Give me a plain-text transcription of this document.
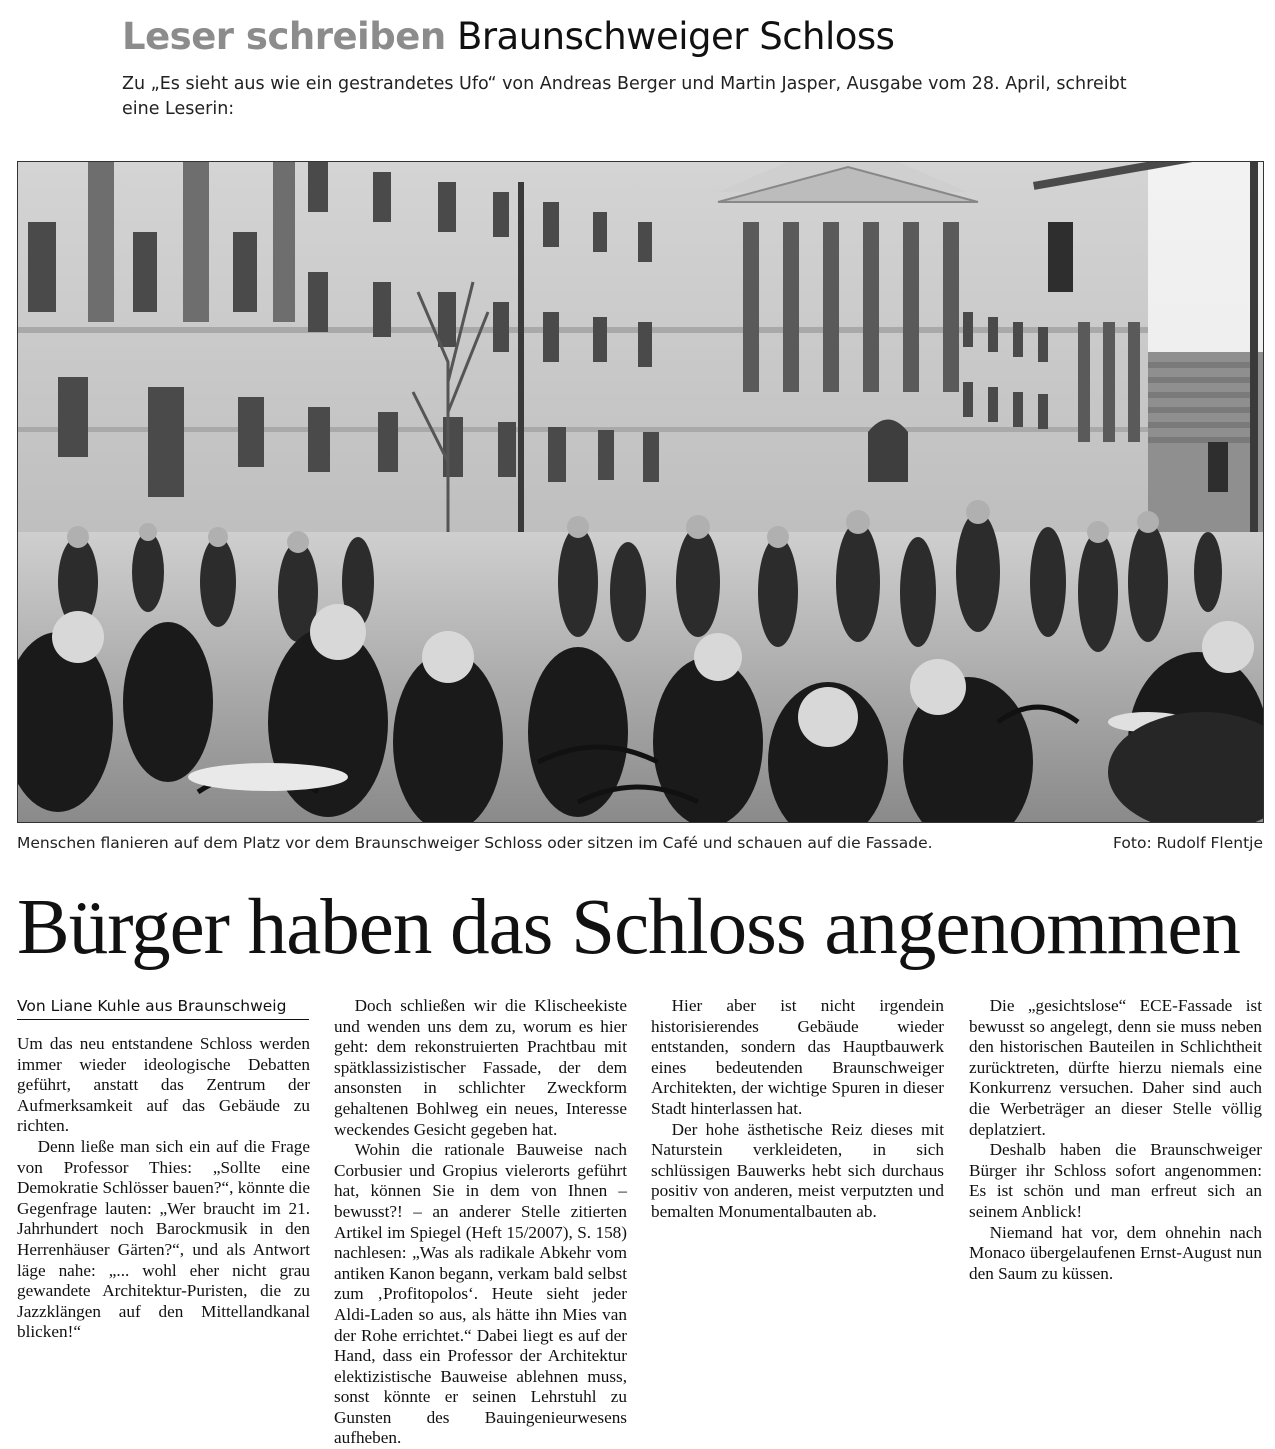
Leser schreiben Braunschweiger Schloss
Zu „Es sieht aus wie ein gestrandetes Ufo“ von Andreas Berger und Martin Jasper, Ausgabe vom 28. April, schreibt eine Leserin:
Menschen flanieren auf dem Platz vor dem Braunschweiger Schloss oder sitzen im Café und schauen auf die Fassade.	Foto: Rudolf Flentje
Bürger haben das Schloss angenommen
Von Liane Kuhle aus Braunschweig

Um das neu entstandene Schloss werden immer wieder ideologische Debatten geführt, anstatt das Zentrum der Aufmerksamkeit auf das Gebäude zu richten.

Denn ließe man sich ein auf die Frage von Professor Thies: „Sollte eine Demokratie Schlösser bauen?“, könnte die Gegenfrage lauten: „Wer braucht im 21. Jahrhundert noch Barockmusik in den Herrenhäuser Gärten?“, und als Antwort läge nahe: „... wohl eher nicht grau gewandete Architektur-Puristen, die zu Jazzklängen auf den Mittellandkanal blicken!“

Doch schließen wir die Klischeekiste und wenden uns dem zu, worum es hier geht: dem rekonstruierten Prachtbau mit spätklassizistischer Fassade, der dem ansonsten in schlichter Zweckform gehaltenen Bohlweg ein neues, Interesse weckendes Gesicht gegeben hat.

Wohin die rationale Bauweise nach Corbusier und Gropius vielerorts geführt hat, können Sie in dem von Ihnen – bewusst?! – an anderer Stelle zitierten Artikel im Spiegel (Heft 15/2007), S. 158) nachlesen: „Was als radikale Abkehr vom antiken Kanon begann, verkam bald selbst zum ‚Profitopolos‘. Heute sieht jeder Aldi-Laden so aus, als hätte ihn Mies van der Rohe errichtet.“ Dabei liegt es auf der Hand, dass ein Professor der Architektur elektizistische Bauweise ablehnen muss, sonst könnte er seinen Lehrstuhl zu Gunsten des Bauingenieurwesens aufheben.

Hier aber ist nicht irgendein historisierendes Gebäude wieder entstanden, sondern das Hauptbauwerk eines bedeutenden Braunschweiger Architekten, der wichtige Spuren in dieser Stadt hinterlassen hat.

Der hohe ästhetische Reiz dieses mit Naturstein verkleideten, in sich schlüssigen Bauwerks hebt sich durchaus positiv von anderen, meist verputzten und bemalten Monumentalbauten ab.

Die „gesichtslose“ ECE-Fassade ist bewusst so angelegt, denn sie muss neben den historischen Bauteilen in Schlichtheit zurücktreten, dürfte hierzu niemals eine Konkurrenz versuchen. Daher sind auch die Werbeträger an dieser Stelle völlig deplatziert.

Deshalb haben die Braunschweiger Bürger ihr Schloss sofort angenommen: Es ist schön und man erfreut sich an seinem Anblick!

Niemand hat vor, dem ohnehin nach Monaco übergelaufenen Ernst-August nun den Saum zu küssen.
